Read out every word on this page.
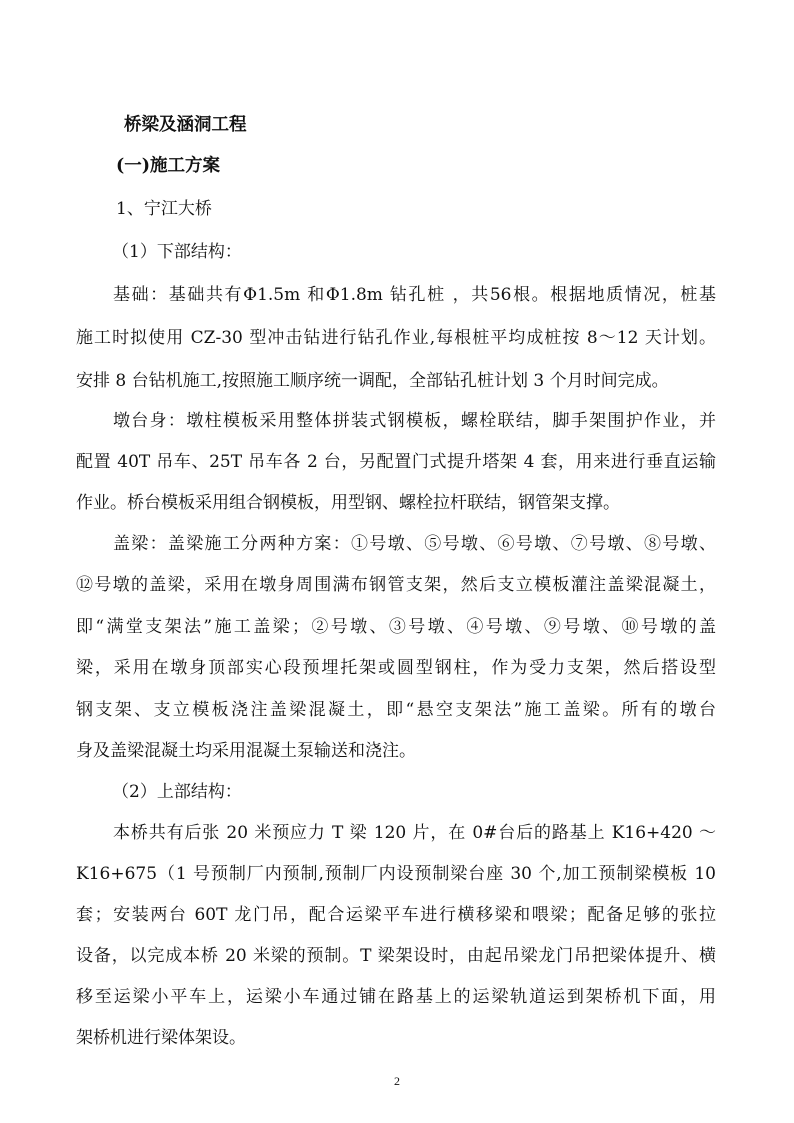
桥梁及涵洞工程
(一)施工方案
1、宁江大桥
（1）下部结构：
基础：基础共有Φ1.5m 和Φ1.8m 钻孔桩 ，共56根。根据地质情况，桩基
施工时拟使用 CZ-30 型冲击钻进行钻孔作业,每根桩平均成桩按 8～12 天计划。
安排 8 台钻机施工,按照施工顺序统一调配，全部钻孔桩计划 3 个月时间完成。
墩台身：墩柱模板采用整体拼装式钢模板，螺栓联结，脚手架围护作业，并
配置 40T 吊车、25T 吊车各 2 台，另配置门式提升塔架 4 套，用来进行垂直运输
作业。桥台模板采用组合钢模板，用型钢、螺栓拉杆联结，钢管架支撑。
盖梁：盖梁施工分两种方案：①号墩、⑤号墩、⑥号墩、⑦号墩、⑧号墩、
⑫号墩的盖梁，采用在墩身周围满布钢管支架，然后支立模板灌注盖梁混凝土，
即“满堂支架法”施工盖梁；②号墩、③号墩、④号墩、⑨号墩、⑩号墩的盖
梁，采用在墩身顶部实心段预埋托架或圆型钢柱，作为受力支架，然后搭设型
钢支架、支立模板浇注盖梁混凝土，即“悬空支架法”施工盖梁。所有的墩台
身及盖梁混凝土均采用混凝土泵输送和浇注。
（2）上部结构：
本桥共有后张 20 米预应力 T 梁 120 片，在 0#台后的路基上 K16+420 ～
K16+675（1 号预制厂内预制,预制厂内设预制梁台座 30 个,加工预制梁模板 10
套；安装两台 60T 龙门吊，配合运梁平车进行横移梁和喂梁；配备足够的张拉
设备，以完成本桥 20 米梁的预制。T 梁架设时，由起吊梁龙门吊把梁体提升、横
移至运梁小平车上，运梁小车通过铺在路基上的运梁轨道运到架桥机下面，用
架桥机进行梁体架设。
2
